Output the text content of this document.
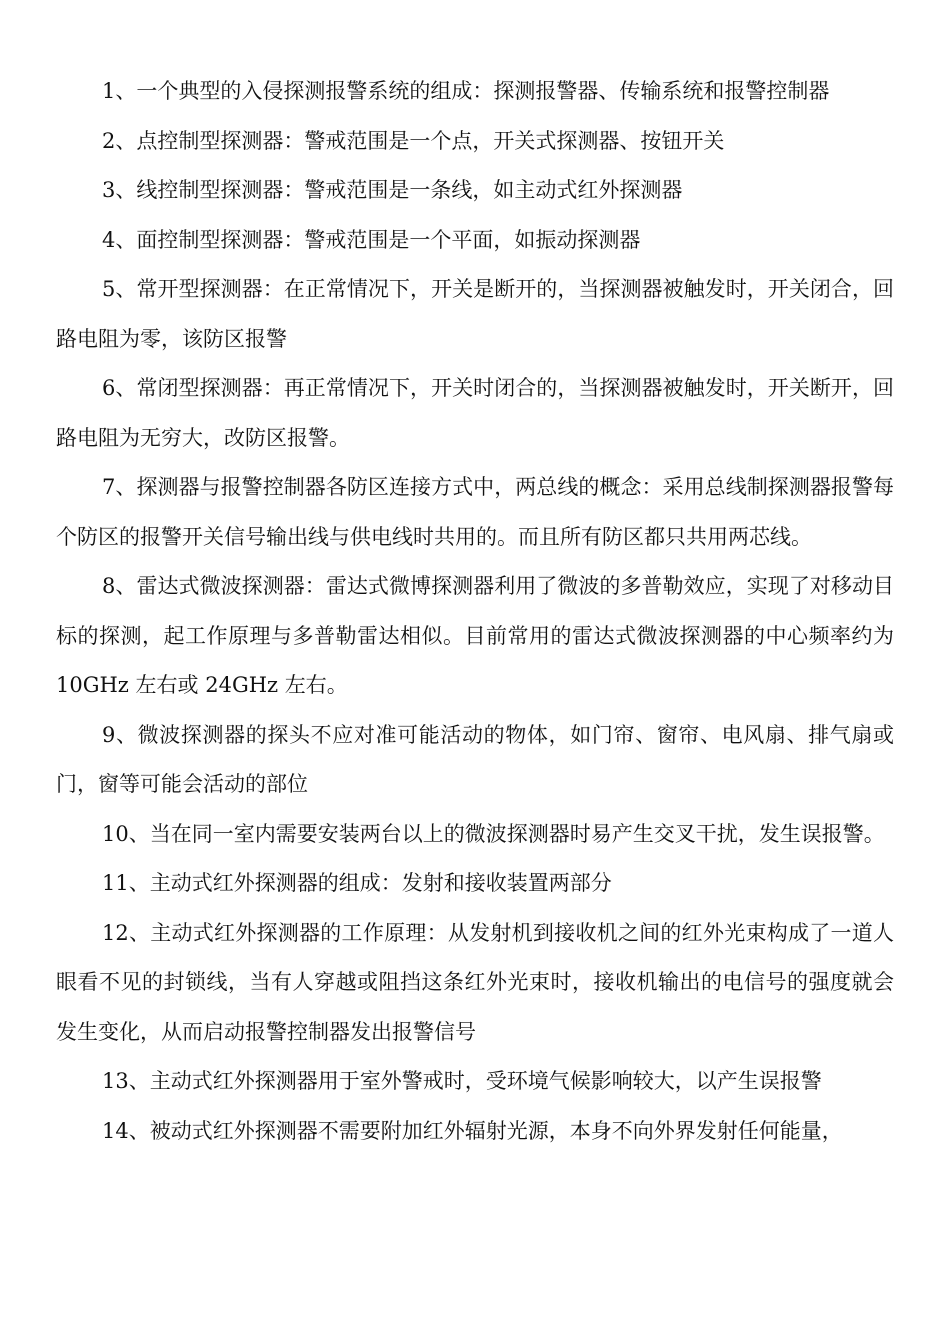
1、一个典型的入侵探测报警系统的组成：探测报警器、传输系统和报警控制器

2、点控制型探测器：警戒范围是一个点，开关式探测器、按钮开关

3、线控制型探测器：警戒范围是一条线，如主动式红外探测器

4、面控制型探测器：警戒范围是一个平面，如振动探测器

5、常开型探测器：在正常情况下，开关是断开的，当探测器被触发时，开关闭合，回路电阻为零，该防区报警

6、常闭型探测器：再正常情况下，开关时闭合的，当探测器被触发时，开关断开，回路电阻为无穷大，改防区报警。

7、探测器与报警控制器各防区连接方式中，两总线的概念：采用总线制探测器报警每个防区的报警开关信号输出线与供电线时共用的。而且所有防区都只共用两芯线。

8、雷达式微波探测器：雷达式微博探测器利用了微波的多普勒效应，实现了对移动目标的探测，起工作原理与多普勒雷达相似。目前常用的雷达式微波探测器的中心频率约为 10GHz 左右或 24GHz 左右。

9、微波探测器的探头不应对准可能活动的物体，如门帘、窗帘、电风扇、排气扇或门，窗等可能会活动的部位

10、当在同一室内需要安装两台以上的微波探测器时易产生交叉干扰，发生误报警。

11、主动式红外探测器的组成：发射和接收装置两部分

12、主动式红外探测器的工作原理：从发射机到接收机之间的红外光束构成了一道人眼看不见的封锁线，当有人穿越或阻挡这条红外光束时，接收机输出的电信号的强度就会发生变化，从而启动报警控制器发出报警信号

13、主动式红外探测器用于室外警戒时，受环境气候影响较大，以产生误报警

14、被动式红外探测器不需要附加红外辐射光源，本身不向外界发射任何能量，
